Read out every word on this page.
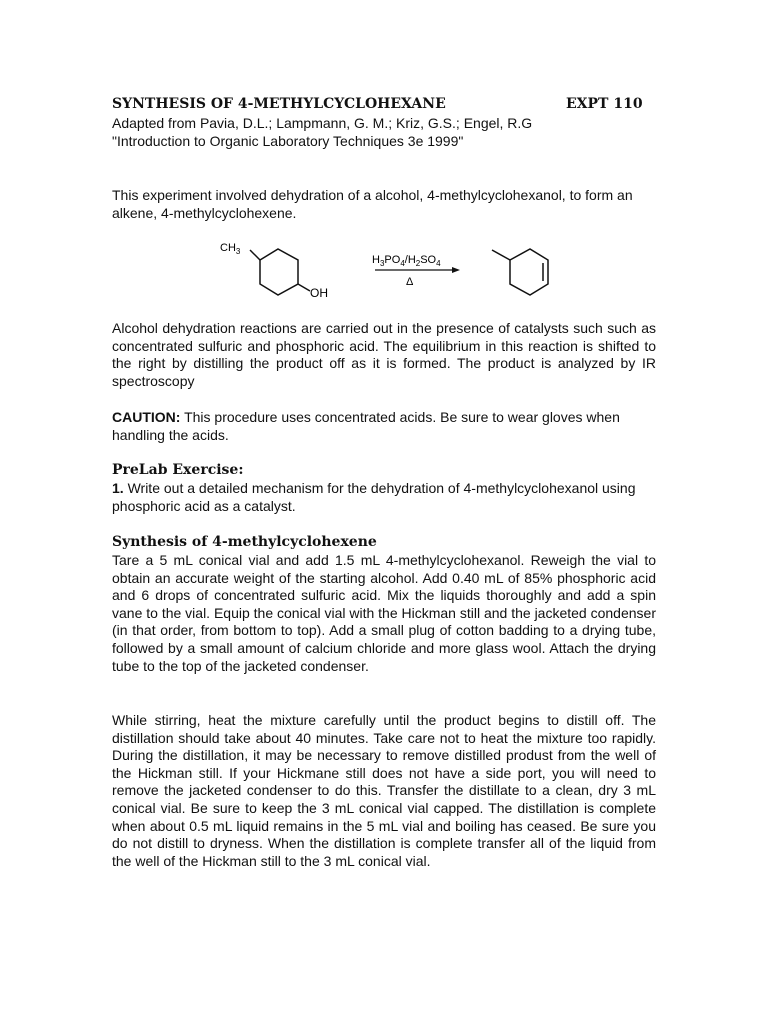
SYNTHESIS OF 4-METHYLCYCLOHEXANE	EXPT 110
Adapted from Pavia, D.L.; Lampmann, G. M.; Kriz, G.S.; Engel, R.G
"Introduction to Organic Laboratory Techniques 3e 1999"
This experiment involved dehydration of a alcohol, 4-methylcyclohexanol, to form an alkene, 4-methylcyclohexene.
$CH_3$
OH
$H_3PO_4/H_2SO_4$
Δ
Alcohol dehydration reactions are carried out in the presence of catalysts such such as concentrated sulfuric and phosphoric acid. The equilibrium in this reaction is shifted to the right by distilling the product off as it is formed. The product is analyzed by IR spectroscopy
CAUTION: This procedure uses concentrated acids. Be sure to wear gloves when handling the acids.
PreLab Exercise:
1. Write out a detailed mechanism for the dehydration of 4-methylcyclohexanol using phosphoric acid as a catalyst.
Synthesis of 4-methylcyclohexene
Tare a 5 mL conical vial and add 1.5 mL 4-methylcyclohexanol. Reweigh the vial to obtain an accurate weight of the starting alcohol. Add 0.40 mL of 85% phosphoric acid and 6 drops of concentrated sulfuric acid. Mix the liquids thoroughly and add a spin vane to the vial. Equip the conical vial with the Hickman still and the jacketed condenser (in that order, from bottom to top). Add a small plug of cotton badding to a drying tube, followed by a small amount of calcium chloride and more glass wool. Attach the drying tube to the top of the jacketed condenser.
While stirring, heat the mixture carefully until the product begins to distill off. The distillation should take about 40 minutes. Take care not to heat the mixture too rapidly. During the distillation, it may be necessary to remove distilled produst from the well of the Hickman still. If your Hickmane still does not have a side port, you will need to remove the jacketed condenser to do this. Transfer the distillate to a clean, dry 3 mL conical vial. Be sure to keep the 3 mL conical vial capped. The distillation is complete when about 0.5 mL liquid remains in the 5 mL vial and boiling has ceased. Be sure you do not distill to dryness. When the distillation is complete transfer all of the liquid from the well of the Hickman still to the 3 mL conical vial.
